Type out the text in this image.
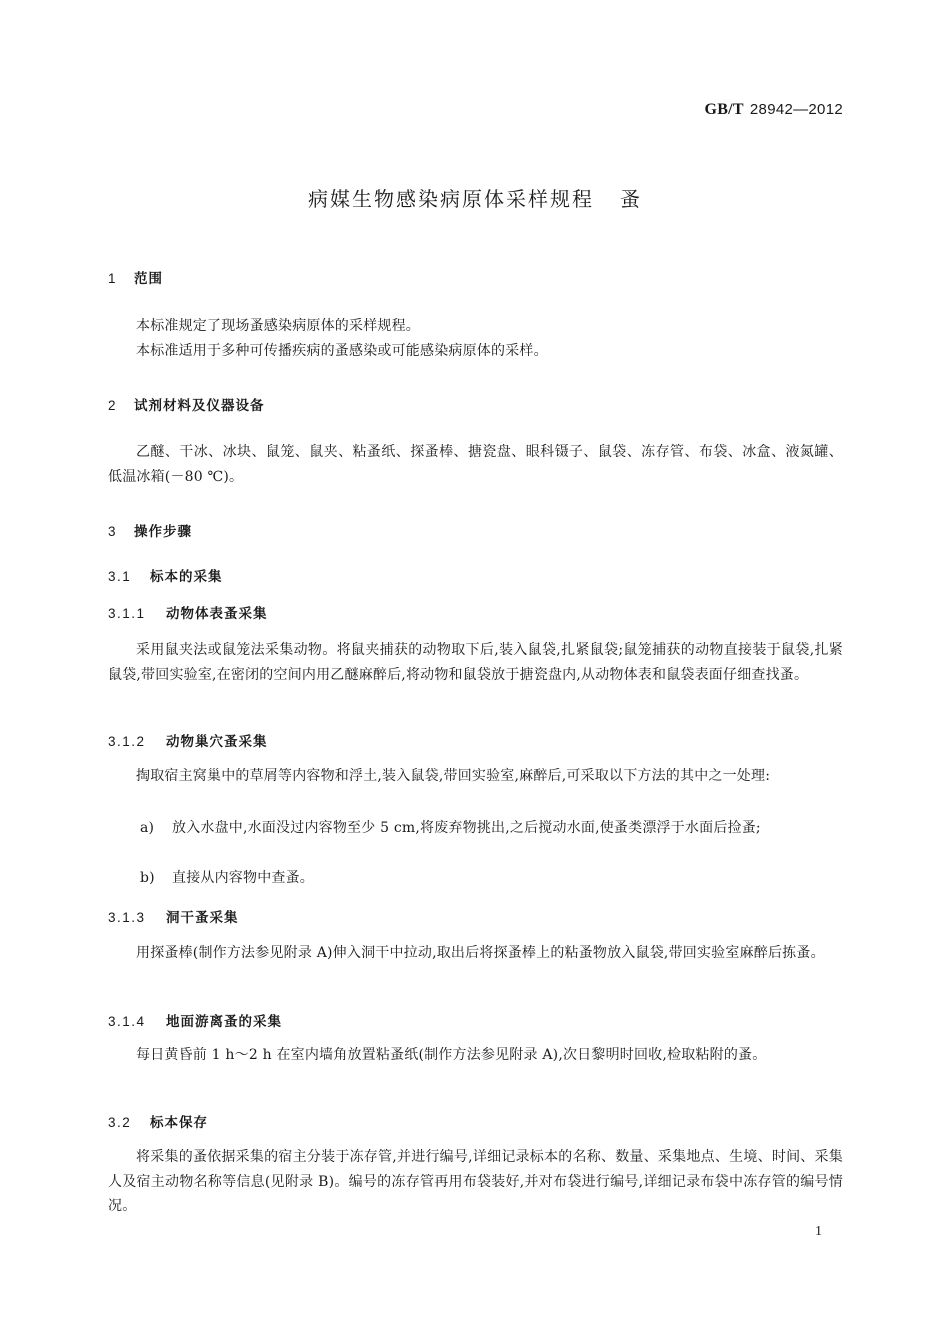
GB/T 28942—2012
病媒生物感染病原体采样规程 蚤
1 范围
本标准规定了现场蚤感染病原体的采样规程。
本标准适用于多种可传播疾病的蚤感染或可能感染病原体的采样。
2 试剂材料及仪器设备
乙醚、干冰、冰块、鼠笼、鼠夹、粘蚤纸、探蚤棒、搪瓷盘、眼科镊子、鼠袋、冻存管、布袋、冰盒、液氮罐、低温冰箱(－80 ℃)。
3 操作步骤
3.1 标本的采集
3.1.1 动物体表蚤采集
采用鼠夹法或鼠笼法采集动物。将鼠夹捕获的动物取下后,装入鼠袋,扎紧鼠袋;鼠笼捕获的动物直接装于鼠袋,扎紧鼠袋,带回实验室,在密闭的空间内用乙醚麻醉后,将动物和鼠袋放于搪瓷盘内,从动物体表和鼠袋表面仔细查找蚤。
3.1.2 动物巢穴蚤采集
掏取宿主窝巢中的草屑等内容物和浮土,装入鼠袋,带回实验室,麻醉后,可采取以下方法的其中之一处理:
a)	放入水盘中,水面没过内容物至少 5 cm,将废弃物挑出,之后搅动水面,使蚤类漂浮于水面后捡蚤;
b)	直接从内容物中查蚤。
3.1.3 洞干蚤采集
用探蚤棒(制作方法参见附录 A)伸入洞干中拉动,取出后将探蚤棒上的粘蚤物放入鼠袋,带回实验室麻醉后拣蚤。
3.1.4 地面游离蚤的采集
每日黄昏前 1 h～2 h 在室内墙角放置粘蚤纸(制作方法参见附录 A),次日黎明时回收,检取粘附的蚤。
3.2 标本保存
将采集的蚤依据采集的宿主分装于冻存管,并进行编号,详细记录标本的名称、数量、采集地点、生境、时间、采集人及宿主动物名称等信息(见附录 B)。编号的冻存管再用布袋装好,并对布袋进行编号,详细记录布袋中冻存管的编号情况。
1
